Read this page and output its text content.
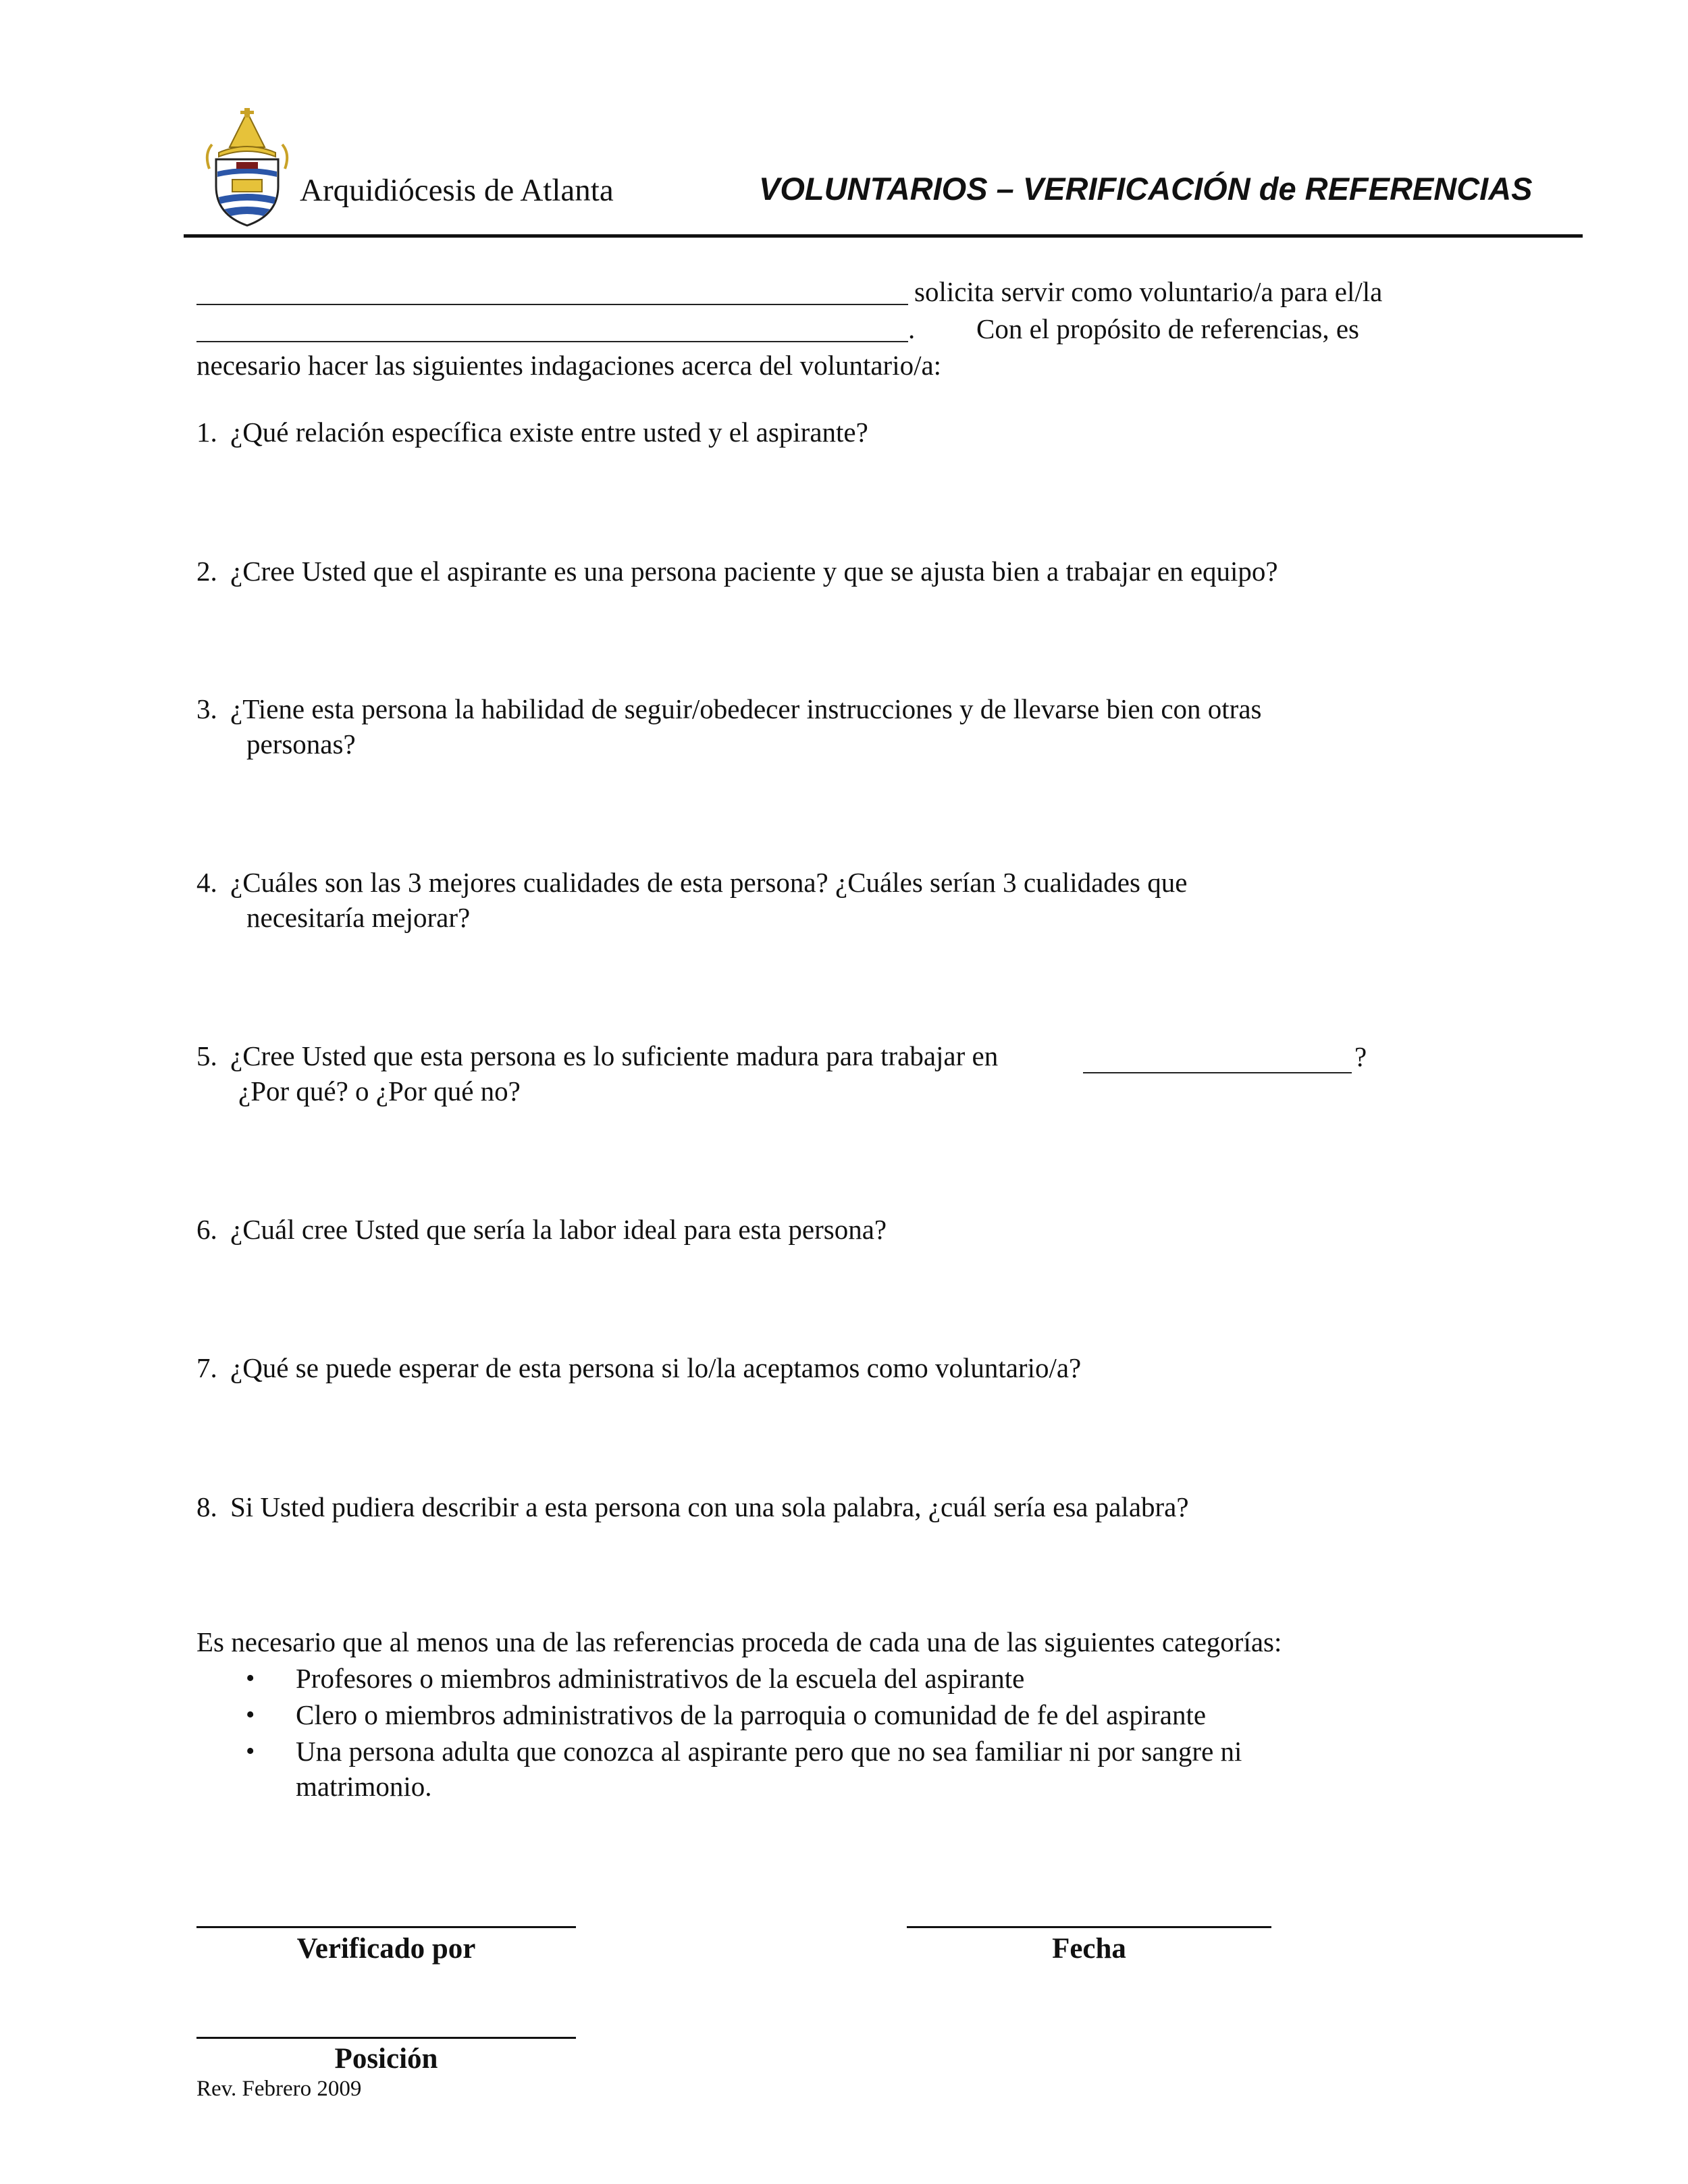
Arquidiócesis de Atlanta	VOLUNTARIOS – VERIFICACIÓN de REFERENCIAS
solicita servir como voluntario/a para el/la
. Con el propósito de referencias, es
necesario hacer las siguientes indagaciones acerca del voluntario/a:
1. ¿Qué relación específica existe entre usted y el aspirante?
2. ¿Cree Usted que el aspirante es una persona paciente y que se ajusta bien a trabajar en equipo?
3. ¿Tiene esta persona la habilidad de seguir/obedecer instrucciones y de llevarse bien con otras
personas?
4. ¿Cuáles son las 3 mejores cualidades de esta persona? ¿Cuáles serían 3 cualidades que
necesitaría mejorar?
5. ¿Cree Usted que esta persona es lo suficiente madura para trabajar en
¿Por qué? o ¿Por qué no?
?
6. ¿Cuál cree Usted que sería la labor ideal para esta persona?
7. ¿Qué se puede esperar de esta persona si lo/la aceptamos como voluntario/a?
8. Si Usted pudiera describir a esta persona con una sola palabra, ¿cuál sería esa palabra?
Es necesario que al menos una de las referencias proceda de cada una de las siguientes categorías:
•	Profesores o miembros administrativos de la escuela del aspirante
•	Clero o miembros administrativos de la parroquia o comunidad de fe del aspirante
•	Una persona adulta que conozca al aspirante pero que no sea familiar ni por sangre ni
matrimonio.
Verificado por	Fecha
Posición
Rev. Febrero 2009
